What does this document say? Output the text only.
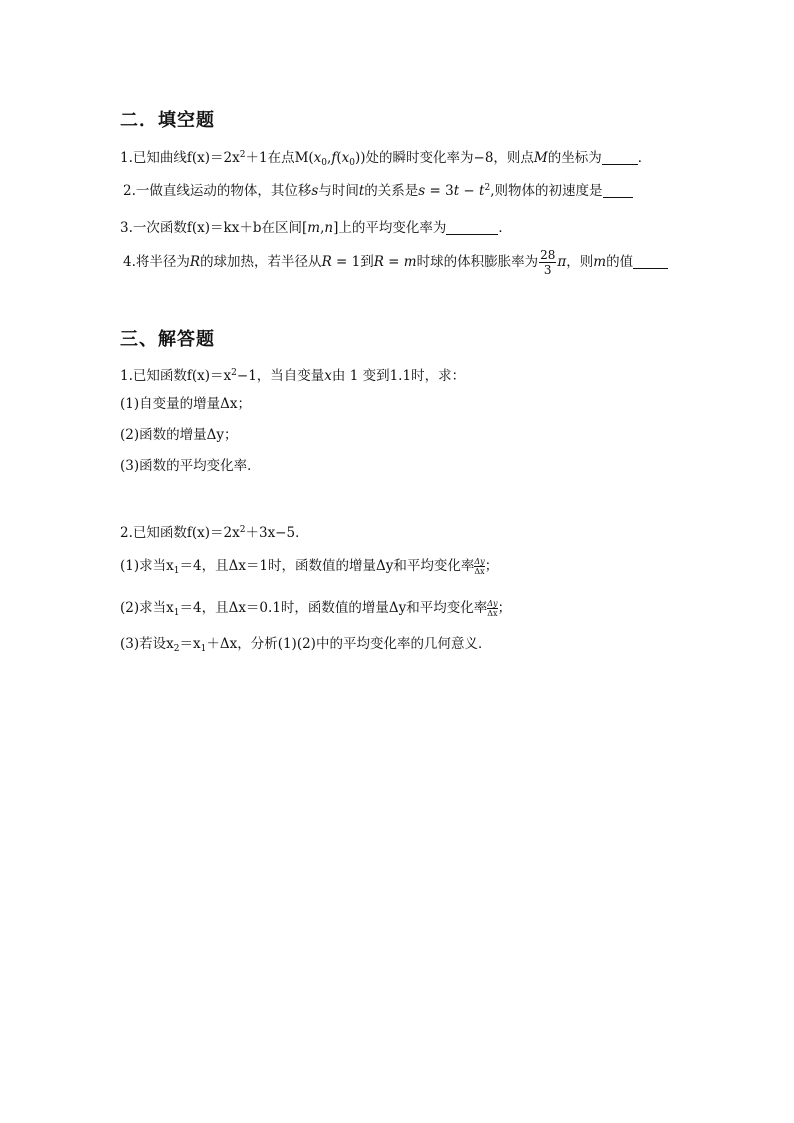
二．填空题
1.已知曲线$f(x)=2x^2+1$在点$M(x_0,f(x_0))$处的瞬时变化率为−8，则点M的坐标为	．
2.一做直线运动的物体，其位移s与时间t的关系是$s = 3t - t^2$,则物体的初速度是
3.一次函数f(x)＝kx＋b在区间[m,n]上的平均变化率为	．
4.将半径为R的球加热，若半径从R = 1到R = m时球的体积膨胀率为 $\frac{28}{3}$ π，则m的值
三、解答题
1.已知函数$f(x)=x^2-1$，当自变量x由 1 变到1.1时，求：
(1)自变量的增量Δx；
(2)函数的增量Δy；
(3)函数的平均变化率．
2.已知函数$f(x)=2x^2+3x-5$．
(1)求当$x_1=4$，且Δx＝1时，函数值的增量Δy和平均变化率 $\frac{\Delta y}{\Delta x}$ ；
(2)求当$x_1=4$，且Δx＝0.1时，函数值的增量Δy和平均变化率 $\frac{\Delta y}{\Delta x}$ ；
(3)若设$x_2=x_1+\Delta x$，分析(1)(2)中的平均变化率的几何意义．
